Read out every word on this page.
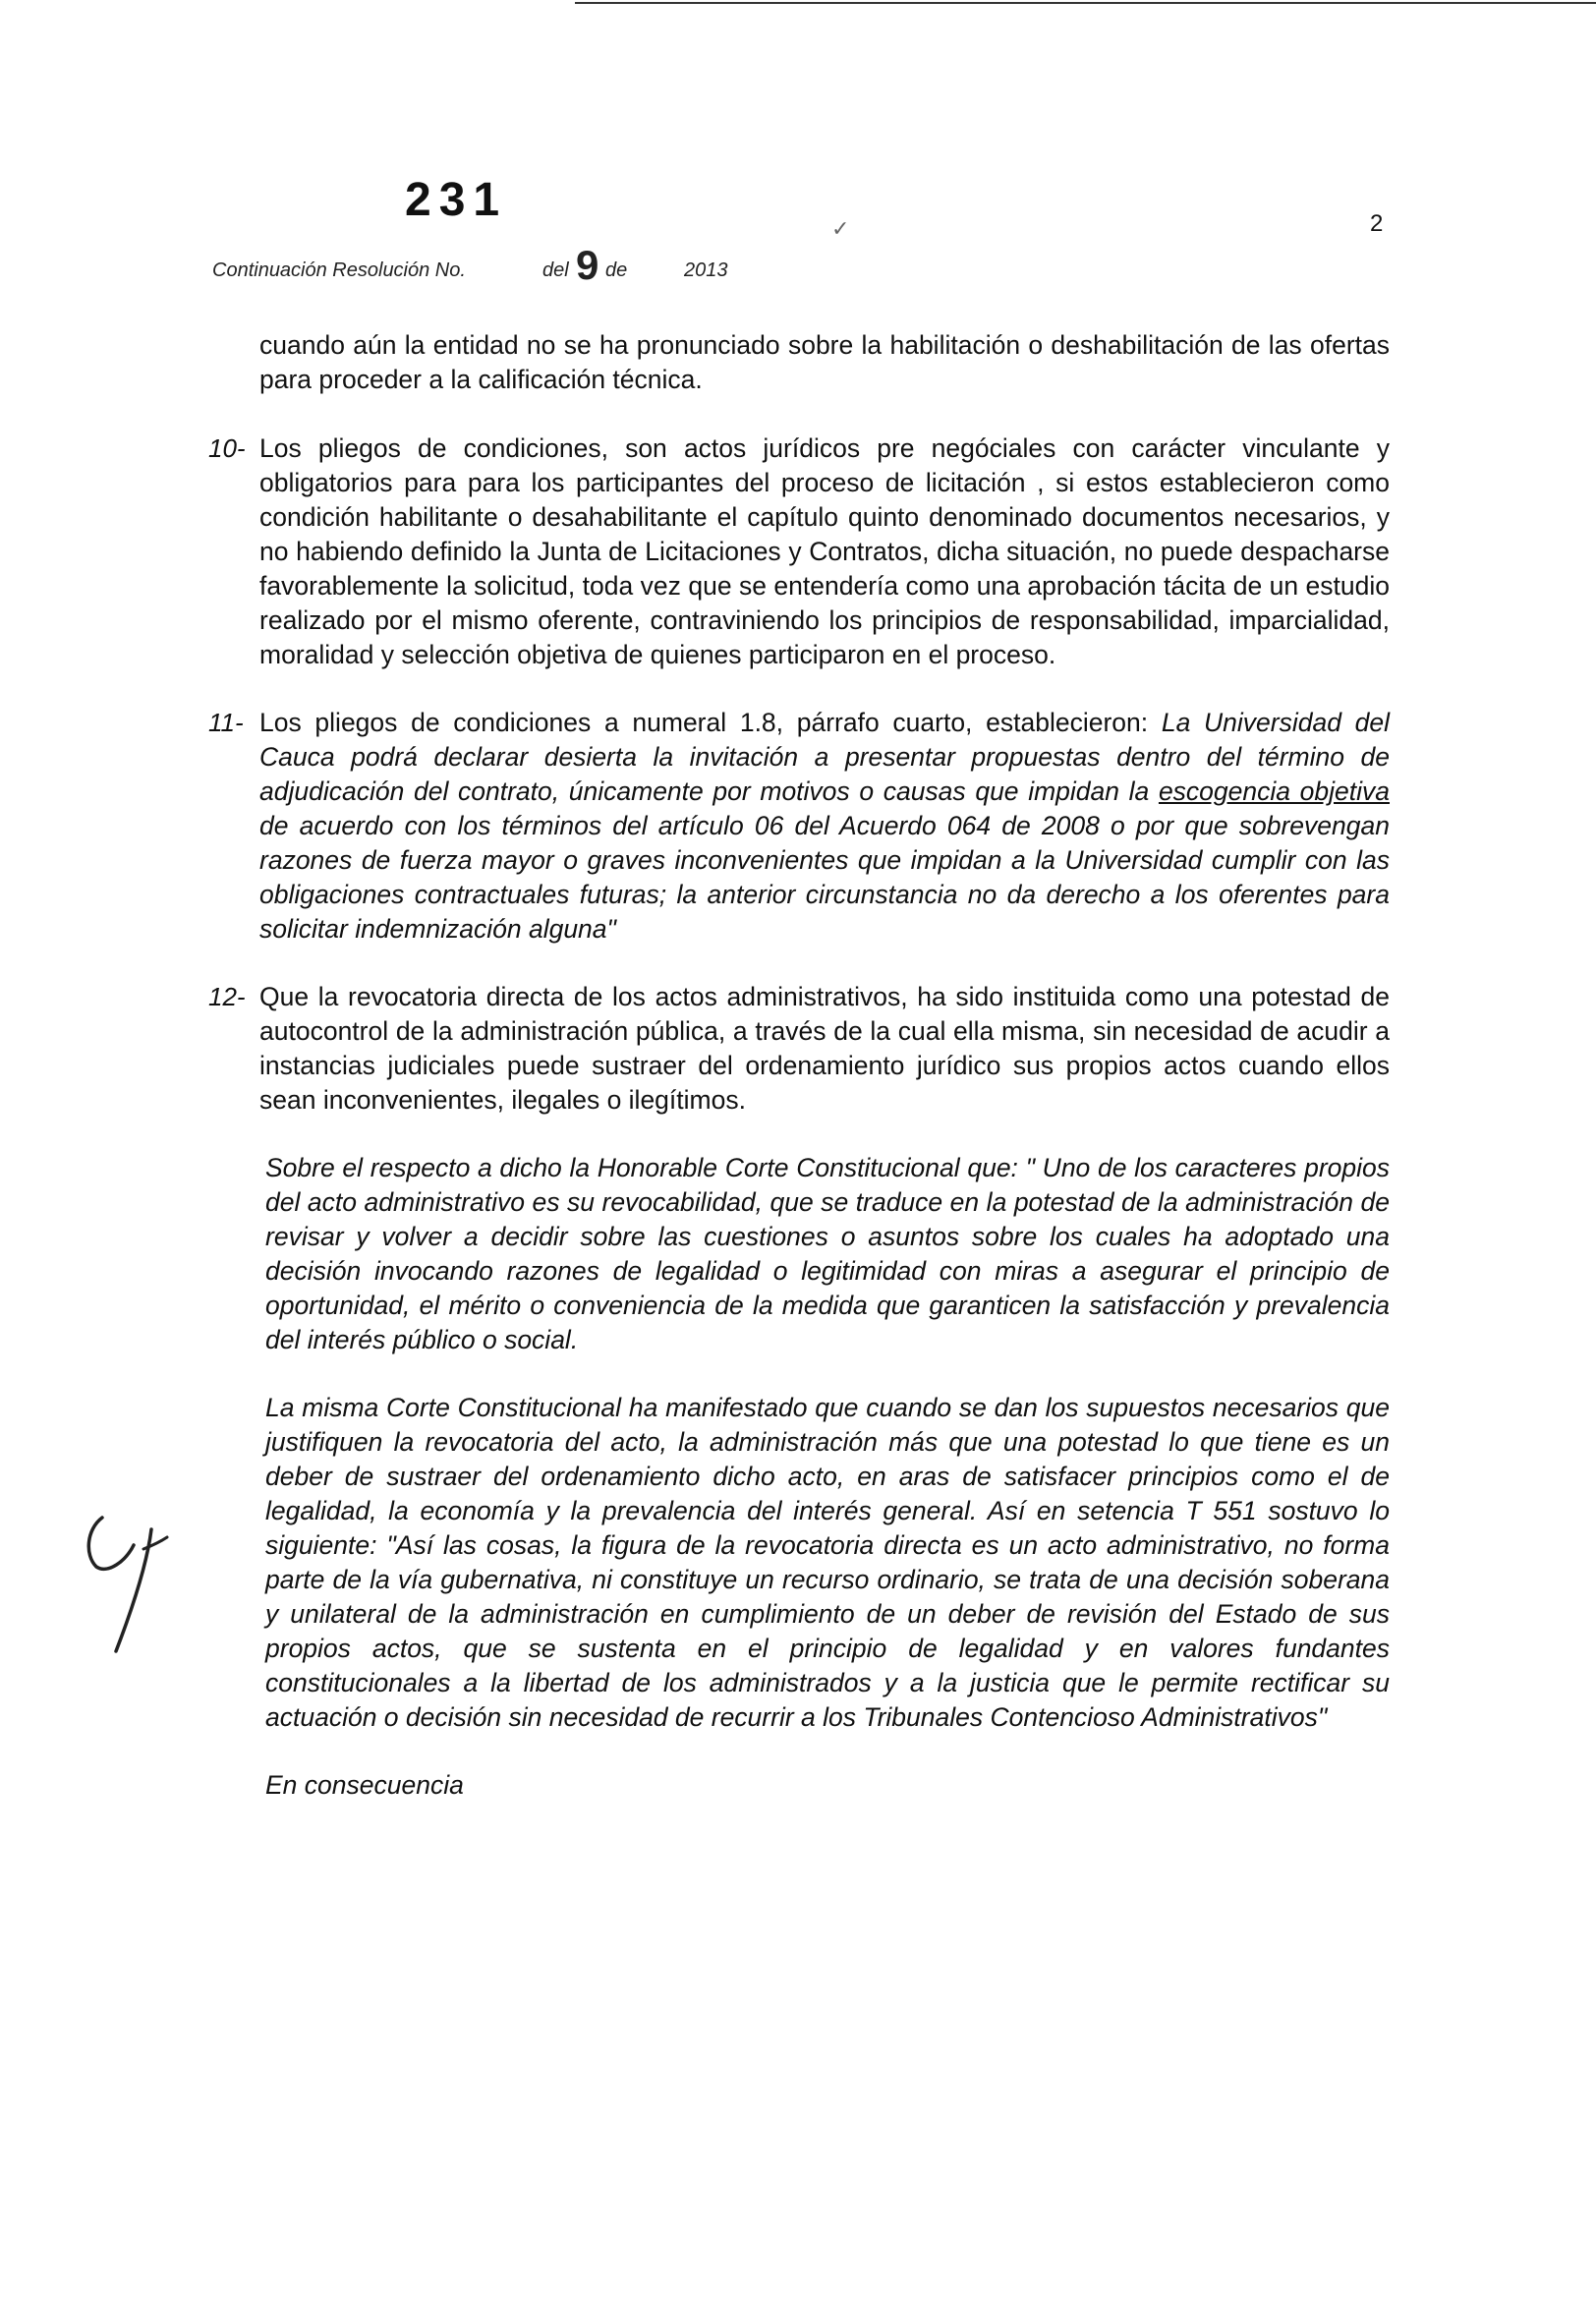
231
Continuación Resolución No.	del 9 de	2013
✓	2

cuando aún la entidad no se ha pronunciado sobre la habilitación o deshabilitación de las ofertas para proceder a la calificación técnica.

10- Los pliegos de condiciones, son actos jurídicos pre negóciales con carácter vinculante y obligatorios para para los participantes del proceso de licitación , si estos establecieron como condición habilitante o desahabilitante el capítulo quinto denominado documentos necesarios, y no habiendo definido la Junta de Licitaciones y Contratos, dicha situación, no puede despacharse favorablemente la solicitud, toda vez que se entendería como una aprobación tácita de un estudio realizado por el mismo oferente, contraviniendo los principios de responsabilidad, imparcialidad, moralidad y selección objetiva de quienes participaron en el proceso.
11- Los pliegos de condiciones a numeral 1.8, párrafo cuarto, establecieron: La Universidad del Cauca podrá declarar desierta la invitación a presentar propuestas dentro del término de adjudicación del contrato, únicamente por motivos o causas que impidan la escogencia objetiva de acuerdo con los términos del artículo 06 del Acuerdo 064 de 2008 o por que sobrevengan razones de fuerza mayor o graves inconvenientes que impidan a la Universidad cumplir con las obligaciones contractuales futuras; la anterior circunstancia no da derecho a los oferentes para solicitar indemnización alguna"
12- Que la revocatoria directa de los actos administrativos, ha sido instituida como una potestad de autocontrol de la administración pública, a través de la cual ella misma, sin necesidad de acudir a instancias judiciales puede sustraer del ordenamiento jurídico sus propios actos cuando ellos sean inconvenientes, ilegales o ilegítimos.

Sobre el respecto a dicho la Honorable Corte Constitucional que: " Uno de los caracteres propios del acto administrativo es su revocabilidad, que se traduce en la potestad de la administración de revisar y volver a decidir sobre las cuestiones o asuntos sobre los cuales ha adoptado una decisión invocando razones de legalidad o legitimidad con miras a asegurar el principio de oportunidad, el mérito o conveniencia de la medida que garanticen la satisfacción y prevalencia del interés público o social.

La misma Corte Constitucional ha manifestado que cuando se dan los supuestos necesarios que justifiquen la revocatoria del acto, la administración más que una potestad lo que tiene es un deber de sustraer del ordenamiento dicho acto, en aras de satisfacer principios como el de legalidad, la economía y la prevalencia del interés general. Así en setencia T 551 sostuvo lo siguiente: "Así las cosas, la figura de la revocatoria directa es un acto administrativo, no forma parte de la vía gubernativa, ni constituye un recurso ordinario, se trata de una decisión soberana y unilateral de la administración en cumplimiento de un deber de revisión del Estado de sus propios actos, que se sustenta en el principio de legalidad y en valores fundantes constitucionales a la libertad de los administrados y a la justicia que le permite rectificar su actuación o decisión sin necesidad de recurrir a los Tribunales Contencioso Administrativos"

En consecuencia
